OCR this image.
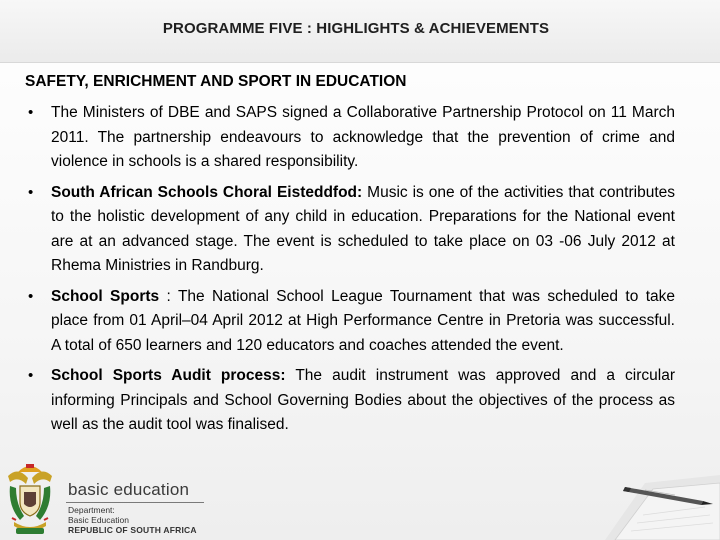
PROGRAMME FIVE : HIGHLIGHTS & ACHIEVEMENTS
SAFETY, ENRICHMENT AND SPORT IN EDUCATION
• The Ministers of DBE and SAPS signed a Collaborative Partnership Protocol on 11 March 2011. The partnership endeavours to acknowledge that the prevention of crime and violence in schools is a shared responsibility.
• South African Schools Choral Eisteddfod: Music is one of the activities that contributes to the holistic development of any child in education. Preparations for the National event are at an advanced stage. The event is scheduled to take place on 03 -06 July 2012 at Rhema Ministries in Randburg.
• School Sports : The National School League Tournament that was scheduled to take place from 01 April–04 April 2012 at High Performance Centre in Pretoria was successful. A total of 650 learners and 120 educators and coaches attended the event.
• School Sports Audit process: The audit instrument was approved and a circular informing Principals and School Governing Bodies about the objectives of the process as well as the audit tool was finalised.
basic education
Department:
Basic Education
REPUBLIC OF SOUTH AFRICA
